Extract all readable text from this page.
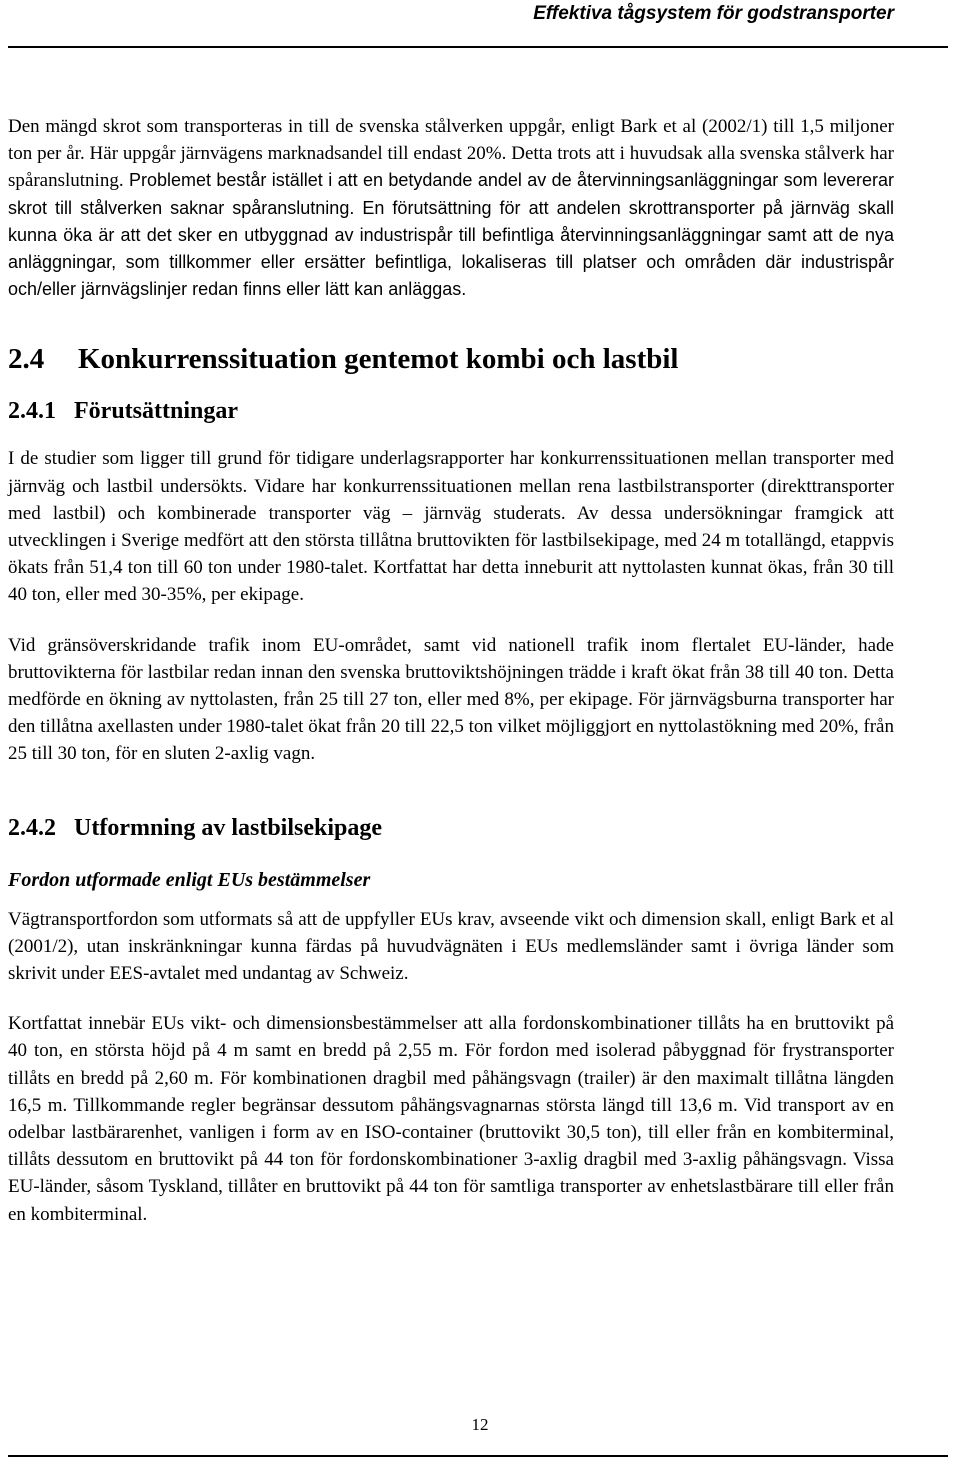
Effektiva tågsystem för godstransporter

Den mängd skrot som transporteras in till de svenska stålverken uppgår, enligt Bark et al (2002/1) till 1,5 miljoner ton per år. Här uppgår järnvägens marknadsandel till endast 20%. Detta trots att i huvudsak alla svenska stålverk har spåranslutning. Problemet består istället i att en betydande andel av de återvinningsanläggningar som levererar skrot till stålverken saknar spåranslutning. En förutsättning för att andelen skrottransporter på järnväg skall kunna öka är att det sker en utbyggnad av industrispår till befintliga återvinningsanläggningar samt att de nya anläggningar, som tillkommer eller ersätter befintliga, lokaliseras till platser och områden där industrispår och/eller järnvägslinjer redan finns eller lätt kan anläggas.

2.4 Konkurrenssituation gentemot kombi och lastbil
2.4.1 Förutsättningar

I de studier som ligger till grund för tidigare underlagsrapporter har konkurrenssituationen mellan transporter med järnväg och lastbil undersökts. Vidare har konkurrenssituationen mellan rena lastbilstransporter (direkttransporter med lastbil) och kombinerade transporter väg – järnväg studerats. Av dessa undersökningar framgick att utvecklingen i Sverige medfört att den största tillåtna bruttovikten för lastbilsekipage, med 24 m totallängd, etappvis ökats från 51,4 ton till 60 ton under 1980-talet. Kortfattat har detta inneburit att nyttolasten kunnat ökas, från 30 till 40 ton, eller med 30-35%, per ekipage.

Vid gränsöverskridande trafik inom EU-området, samt vid nationell trafik inom flertalet EU-länder, hade bruttovikterna för lastbilar redan innan den svenska bruttoviktshöjningen trädde i kraft ökat från 38 till 40 ton. Detta medförde en ökning av nyttolasten, från 25 till 27 ton, eller med 8%, per ekipage. För järnvägsburna transporter har den tillåtna axellasten under 1980-talet ökat från 20 till 22,5 ton vilket möjliggjort en nyttolastökning med 20%, från 25 till 30 ton, för en sluten 2-axlig vagn.

2.4.2 Utformning av lastbilsekipage
Fordon utformade enligt EUs bestämmelser

Vägtransportfordon som utformats så att de uppfyller EUs krav, avseende vikt och dimension skall, enligt Bark et al (2001/2), utan inskränkningar kunna färdas på huvudvägnäten i EUs medlemsländer samt i övriga länder som skrivit under EES-avtalet med undantag av Schweiz.

Kortfattat innebär EUs vikt- och dimensionsbestämmelser att alla fordonskombinationer tillåts ha en bruttovikt på 40 ton, en största höjd på 4 m samt en bredd på 2,55 m. För fordon med isolerad påbyggnad för frystransporter tillåts en bredd på 2,60 m. För kombinationen dragbil med påhängsvagn (trailer) är den maximalt tillåtna längden 16,5 m. Tillkommande regler begränsar dessutom påhängsvagnarnas största längd till 13,6 m. Vid transport av en odelbar lastbärarenhet, vanligen i form av en ISO-container (bruttovikt 30,5 ton), till eller från en kombiterminal, tillåts dessutom en bruttovikt på 44 ton för fordonskombinationer 3-axlig dragbil med 3-axlig påhängsvagn. Vissa EU-länder, såsom Tyskland, tillåter en bruttovikt på 44 ton för samtliga transporter av enhetslastbärare till eller från en kombiterminal.

12
